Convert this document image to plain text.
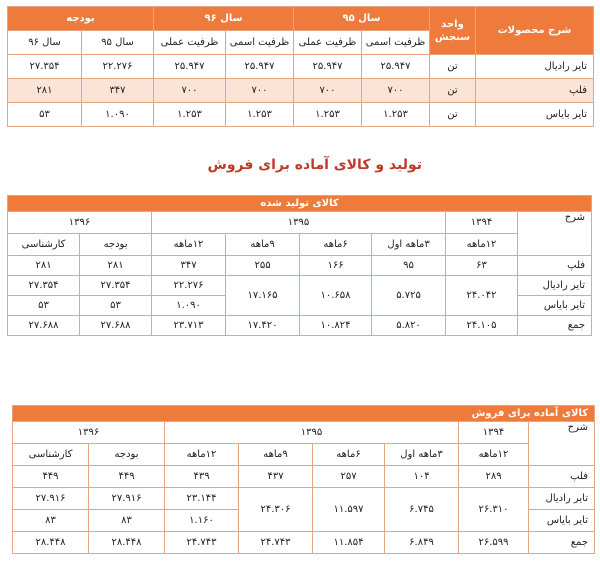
شرح محصولات	واحد سنجش	سال ۹۵		سال ۹۶		بودجه	
		ظرفیت اسمی	ظرفیت عملی	ظرفیت اسمی	ظرفیت عملی	سال ۹۵	سال ۹۶
تایر رادیال	تن	۲۵.۹۴۷	۲۵.۹۴۷	۲۵.۹۴۷	۲۵.۹۴۷	۲۲.۲۷۶	۲۷.۳۵۴
فلپ	تن	۷۰۰	۷۰۰	۷۰۰	۷۰۰	۳۴۷	۲۸۱
تایر بایاس	تن	۱.۲۵۳	۱.۲۵۳	۱.۲۵۳	۱.۲۵۳	۱.۰۹۰	۵۳
تولید و کالای آماده برای فروش
کالای تولید شده							
شرح	۱۳۹۴	۱۳۹۵				۱۳۹۶	
	۱۲ماهه	۳ماهه اول	۶ماهه	۹ماهه	۱۲ماهه	بودجه	کارشناسی
فلپ	۶۳	۹۵	۱۶۶	۲۵۵	۳۴۷	۲۸۱	۲۸۱
تایر رادیال	۲۴.۰۴۲	۵.۷۲۵	۱۰.۶۵۸	۱۷.۱۶۵	۲۲.۲۷۶	۲۷.۳۵۴	۲۷.۳۵۴
تایر بایاس					۱.۰۹۰	۵۳	۵۳
جمع	۲۴.۱۰۵	۵.۸۲۰	۱۰.۸۲۴	۱۷.۴۲۰	۲۳.۷۱۳	۲۷.۶۸۸	۲۷.۶۸۸
کالای آماده برای فروش							
شرح	۱۳۹۴	۱۳۹۵				۱۳۹۶	
	۱۲ماهه	۳ماهه اول	۶ماهه	۹ماهه	۱۲ماهه	بودجه	کارشناسی
فلپ	۲۸۹	۱۰۴	۲۵۷	۴۳۷	۴۳۹	۴۴۹	۴۴۹
تایر رادیال	۲۶.۳۱۰	۶.۷۴۵	۱۱.۵۹۷	۲۴.۳۰۶	۲۳.۱۴۴	۲۷.۹۱۶	۲۷.۹۱۶
تایر بایاس					۱.۱۶۰	۸۳	۸۳
جمع	۲۶.۵۹۹	۶.۸۴۹	۱۱.۸۵۴	۲۴.۷۴۳	۲۴.۷۴۳	۲۸.۴۴۸	۲۸.۴۴۸
